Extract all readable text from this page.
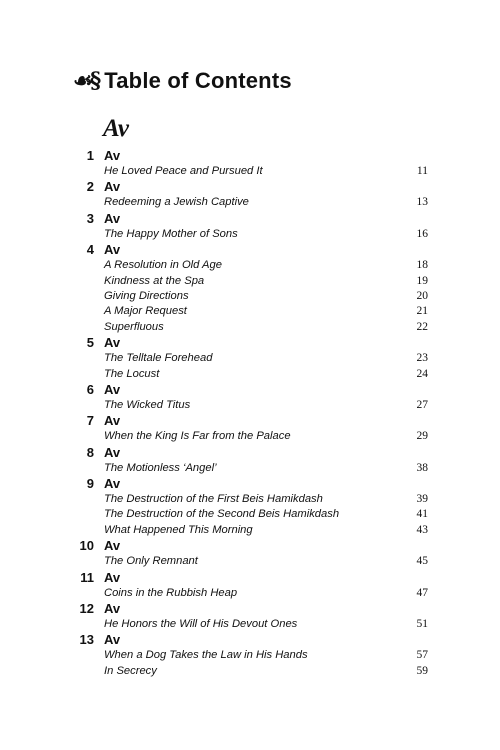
☙§ Table of Contents
Av
1 Av
He Loved Peace and Pursued It	11
2 Av
Redeeming a Jewish Captive	13
3 Av
The Happy Mother of Sons	16
4 Av
A Resolution in Old Age	18
Kindness at the Spa	19
Giving Directions	20
A Major Request	21
Superfluous	22
5 Av
The Telltale Forehead	23
The Locust	24
6 Av
The Wicked Titus	27
7 Av
When the King Is Far from the Palace	29
8 Av
The Motionless ‘Angel’	38
9 Av
The Destruction of the First Beis Hamikdash	39
The Destruction of the Second Beis Hamikdash	41
What Happened This Morning	43
10 Av
The Only Remnant	45
11 Av
Coins in the Rubbish Heap	47
12 Av
He Honors the Will of His Devout Ones	51
13 Av
When a Dog Takes the Law in His Hands	57
In Secrecy	59
